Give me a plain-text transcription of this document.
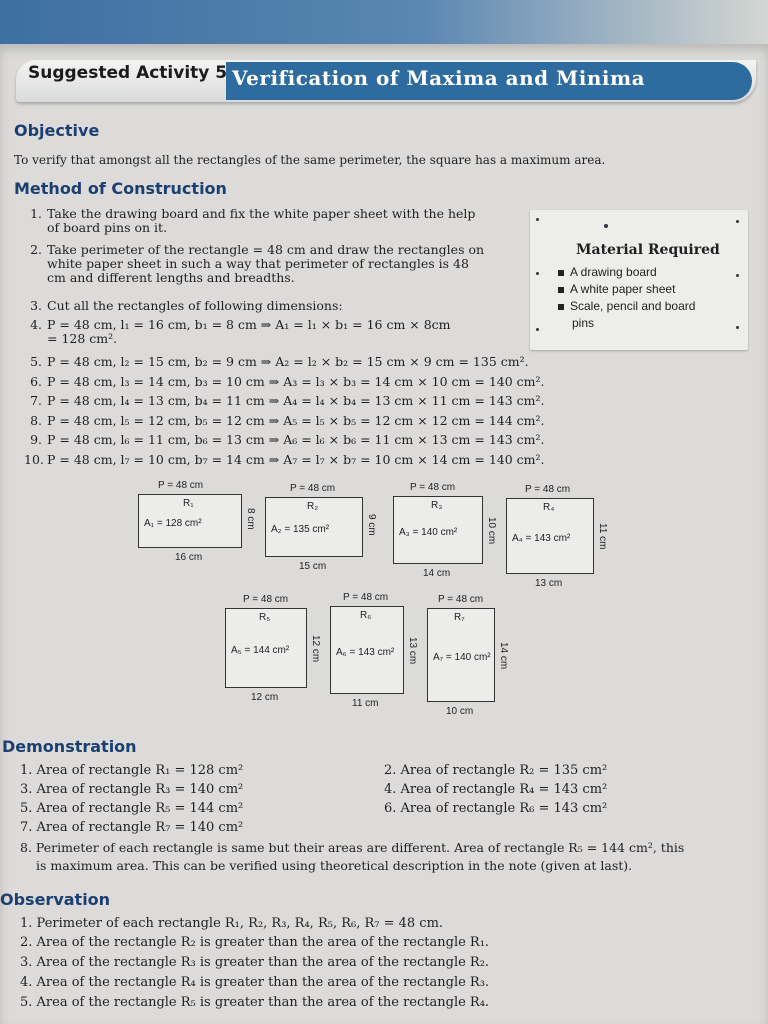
Suggested Activity 5 Verification of Maxima and Minima
Objective
To verify that amongst all the rectangles of the same perimeter, the square has a maximum area.
Method of Construction
1. Take the drawing board and fix the white paper sheet with the help
of board pins on it.
2. Take perimeter of the rectangle = 48 cm and draw the rectangles on
white paper sheet in such a way that perimeter of rectangles is 48
cm and different lengths and breadths.
3. Cut all the rectangles of following dimensions:
4. P = 48 cm, l₁ = 16 cm, b₁ = 8 cm ⇒ A₁ = l₁ × b₁ = 16 cm × 8cm
= 128 cm².
5. P = 48 cm, l₂ = 15 cm, b₂ = 9 cm ⇒ A₂ = l₂ × b₂ = 15 cm × 9 cm = 135 cm².
6. P = 48 cm, l₃ = 14 cm, b₃ = 10 cm ⇒ A₃ = l₃ × b₃ = 14 cm × 10 cm = 140 cm².
7. P = 48 cm, l₄ = 13 cm, b₄ = 11 cm ⇒ A₄ = l₄ × b₄ = 13 cm × 11 cm = 143 cm².
8. P = 48 cm, l₅ = 12 cm, b₅ = 12 cm ⇒ A₅ = l₅ × b₅ = 12 cm × 12 cm = 144 cm².
9. P = 48 cm, l₆ = 11 cm, b₆ = 13 cm ⇒ A₆ = l₆ × b₆ = 11 cm × 13 cm = 143 cm².
10. P = 48 cm, l₇ = 10 cm, b₇ = 14 cm ⇒ A₇ = l₇ × b₇ = 10 cm × 14 cm = 140 cm².
Material Required
A drawing board
A white paper sheet
Scale, pencil and board
pins
P = 48 cm
R₁
A₁ = 128 cm²
16 cm
8 cm
P = 48 cm
R₂
A₂ = 135 cm²
15 cm
9 cm
P = 48 cm
R₃
A₃ = 140 cm²
14 cm
10 cm
P = 48 cm
R₄
A₄ = 143 cm²
13 cm
11 cm
P = 48 cm
R₅
A₅ = 144 cm²
12 cm
12 cm
P = 48 cm
R₆
A₆ = 143 cm²
11 cm
13 cm
P = 48 cm
R₇
A₇ = 140 cm²
10 cm
14 cm
Demonstration
1. Area of rectangle R₁ = 128 cm²
3. Area of rectangle R₃ = 140 cm²
5. Area of rectangle R₅ = 144 cm²
7. Area of rectangle R₇ = 140 cm²
2. Area of rectangle R₂ = 135 cm²
4. Area of rectangle R₄ = 143 cm²
6. Area of rectangle R₆ = 143 cm²
8. Perimeter of each rectangle is same but their areas are different. Area of rectangle R₅ = 144 cm², this
is maximum area. This can be verified using theoretical description in the note (given at last).
Observation
1. Perimeter of each rectangle R₁, R₂, R₃, R₄, R₅, R₆, R₇ = 48 cm.
2. Area of the rectangle R₂ is greater than the area of the rectangle R₁.
3. Area of the rectangle R₃ is greater than the area of the rectangle R₂.
4. Area of the rectangle R₄ is greater than the area of the rectangle R₃.
5. Area of the rectangle R₅ is greater than the area of the rectangle R₄.
